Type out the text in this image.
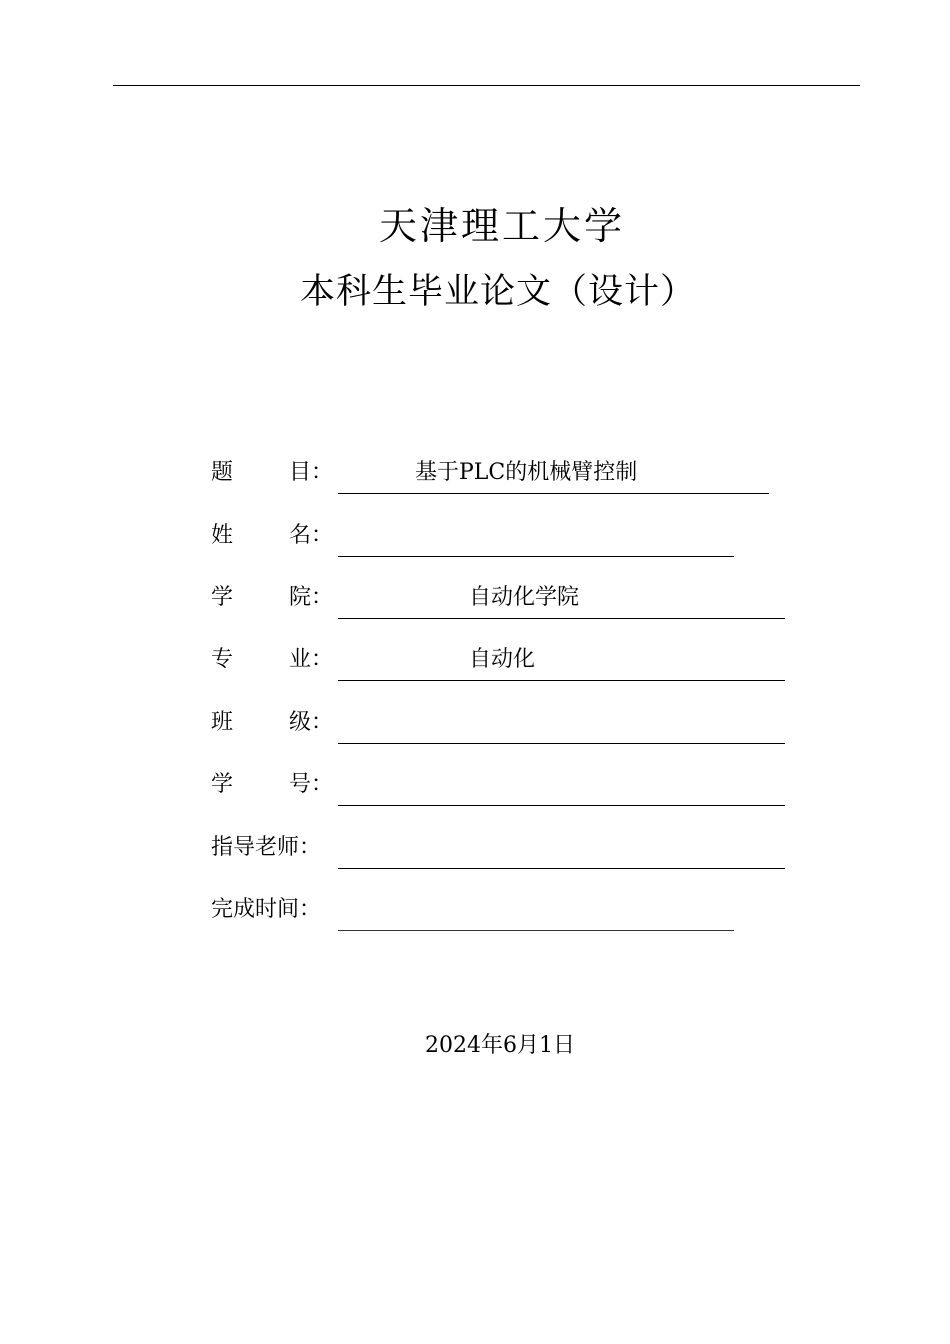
天津理工大学
本科生毕业论文（设计）
题	目 ：	基于PLC的机械臂控制
姓	名 ：
学	院 ：	自动化学院
专	业 ：	自动化
班	级 ：
学	号 ：
指导老师：
完成时间：
2024年6月1日
